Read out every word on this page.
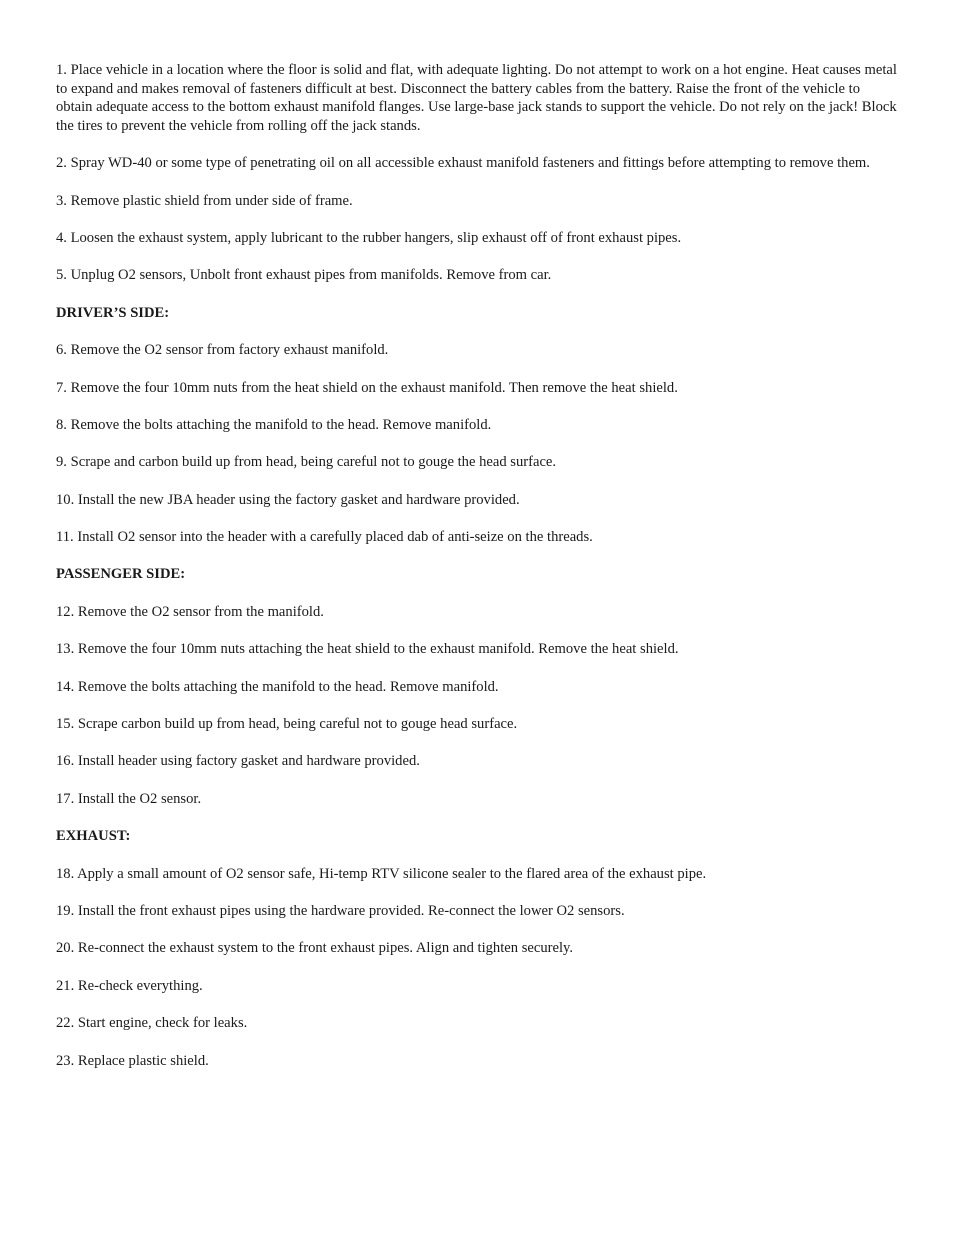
1. Place vehicle in a location where the floor is solid and flat, with adequate lighting. Do not attempt to work on a hot engine. Heat causes metal to expand and makes removal of fasteners difficult at best. Disconnect the battery cables from the battery. Raise the front of the vehicle to obtain adequate access to the bottom exhaust manifold flanges. Use large-base jack stands to support the vehicle. Do not rely on the jack! Block the tires to prevent the vehicle from rolling off the jack stands.

2. Spray WD-40 or some type of penetrating oil on all accessible exhaust manifold fasteners and fittings before attempting to remove them.

3. Remove plastic shield from under side of frame.

4. Loosen the exhaust system, apply lubricant to the rubber hangers, slip exhaust off of front exhaust pipes.

5. Unplug O2 sensors, Unbolt front exhaust pipes from manifolds. Remove from car.

DRIVER’S SIDE:

6. Remove the O2 sensor from factory exhaust manifold.

7. Remove the four 10mm nuts from the heat shield on the exhaust manifold. Then remove the heat shield.

8. Remove the bolts attaching the manifold to the head. Remove manifold.

9. Scrape and carbon build up from head, being careful not to gouge the head surface.

10. Install the new JBA header using the factory gasket and hardware provided.

11. Install O2 sensor into the header with a carefully placed dab of anti-seize on the threads.

PASSENGER SIDE:

12. Remove the O2 sensor from the manifold.

13. Remove the four 10mm nuts attaching the heat shield to the exhaust manifold. Remove the heat shield.

14. Remove the bolts attaching the manifold to the head. Remove manifold.

15. Scrape carbon build up from head, being careful not to gouge head surface.

16. Install header using factory gasket and hardware provided.

17. Install the O2 sensor.

EXHAUST:

18. Apply a small amount of O2 sensor safe, Hi-temp RTV silicone sealer to the flared area of the exhaust pipe.

19. Install the front exhaust pipes using the hardware provided. Re-connect the lower O2 sensors.

20. Re-connect the exhaust system to the front exhaust pipes. Align and tighten securely.

21. Re-check everything.

22. Start engine, check for leaks.

23. Replace plastic shield.
